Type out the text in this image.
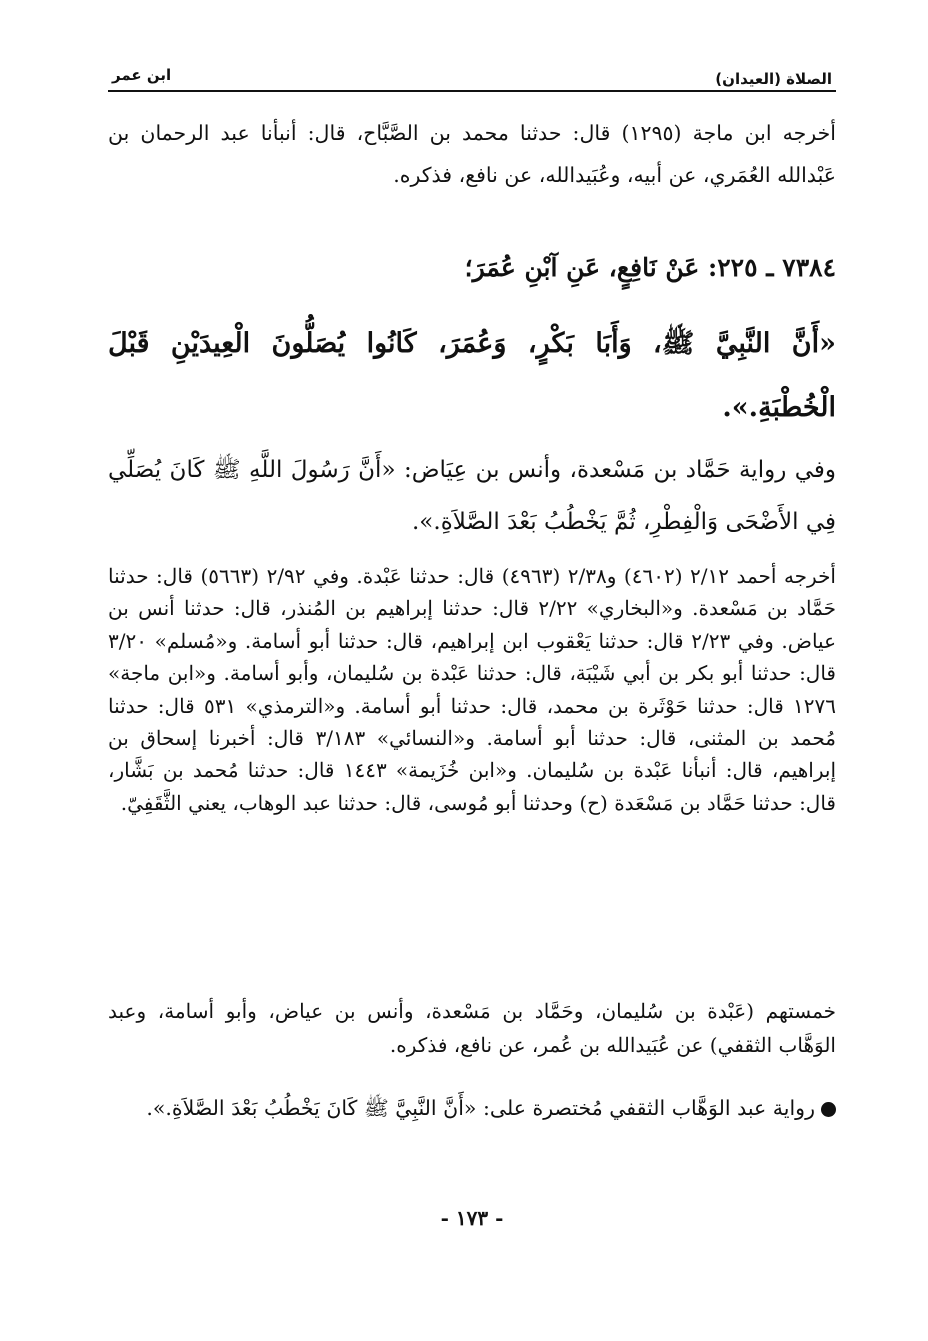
الصلاة (العيدان)
ابن عمر
أخرجه ابن ماجة (١٢٩٥) قال: حدثنا محمد بن الصَّبَّاح، قال: أنبأنا عبد الرحمان بن عَبْدالله العُمَري، عن أبيه، وعُبَيدالله، عن نافع، فذكره.
٧٣٨٤ ـ ٢٢٥: عَنْ نَافِعٍ، عَنِ آبْنِ عُمَرَ؛
«أَنَّ النَّبِيَّ ﷺ، وَأَبَا بَكْرٍ، وَعُمَرَ، كَانُوا يُصَلُّونَ الْعِيدَيْنِ قَبْلَ الْخُطْبَةِ.».
وفي رواية حَمَّاد بن مَسْعدة، وأنس بن عِيَاض: «أَنَّ رَسُولَ اللَّهِ ﷺ كَانَ يُصَلِّي فِي الأَضْحَى وَالْفِطْرِ، ثُمَّ يَخْطُبُ بَعْدَ الصَّلاَةِ.».
أخرجه أحمد ٢/١٢ (٤٦٠٢) و٢/٣٨ (٤٩٦٣) قال: حدثنا عَبْدة. وفي ٢/٩٢ (٥٦٦٣) قال: حدثنا حَمَّاد بن مَسْعدة. و«البخاري» ٢/٢٢ قال: حدثنا إبراهيم بن المُنذر، قال: حدثنا أنس بن عياض. وفي ٢/٢٣ قال: حدثنا يَعْقوب ابن إبراهيم، قال: حدثنا أبو أسامة. و«مُسلم» ٣/٢٠ قال: حدثنا أبو بكر بن أبي شَيْبَة، قال: حدثنا عَبْدة بن سُليمان، وأبو أسامة. و«ابن ماجة» ١٢٧٦ قال: حدثنا حَوْثَرة بن محمد، قال: حدثنا أبو أسامة. و«الترمذي» ٥٣١ قال: حدثنا مُحمد بن المثنى، قال: حدثنا أبو أسامة. و«النسائي» ٣/١٨٣ قال: أخبرنا إسحاق بن إبراهيم، قال: أنبأنا عَبْدة بن سُليمان. و«ابن خُزَيمة» ١٤٤٣ قال: حدثنا مُحمد بن بَشَّار، قال: حدثنا حَمَّاد بن مَسْعَدة (ح) وحدثنا أبو مُوسى، قال: حدثنا عبد الوهاب، يعني الثَّقَفِيّ.
خمستهم (عَبْدة بن سُليمان، وحَمَّاد بن مَسْعدة، وأنس بن عياض، وأبو أسامة، وعبد الوَهَّاب الثقفي) عن عُبَيدالله بن عُمر، عن نافع، فذكره.
رواية عبد الوَهَّاب الثقفي مُختصرة على: «أَنَّ النَّبِيَّ ﷺ كَانَ يَخْطُبُ بَعْدَ الصَّلاَةِ.».
- ١٧٣ -
